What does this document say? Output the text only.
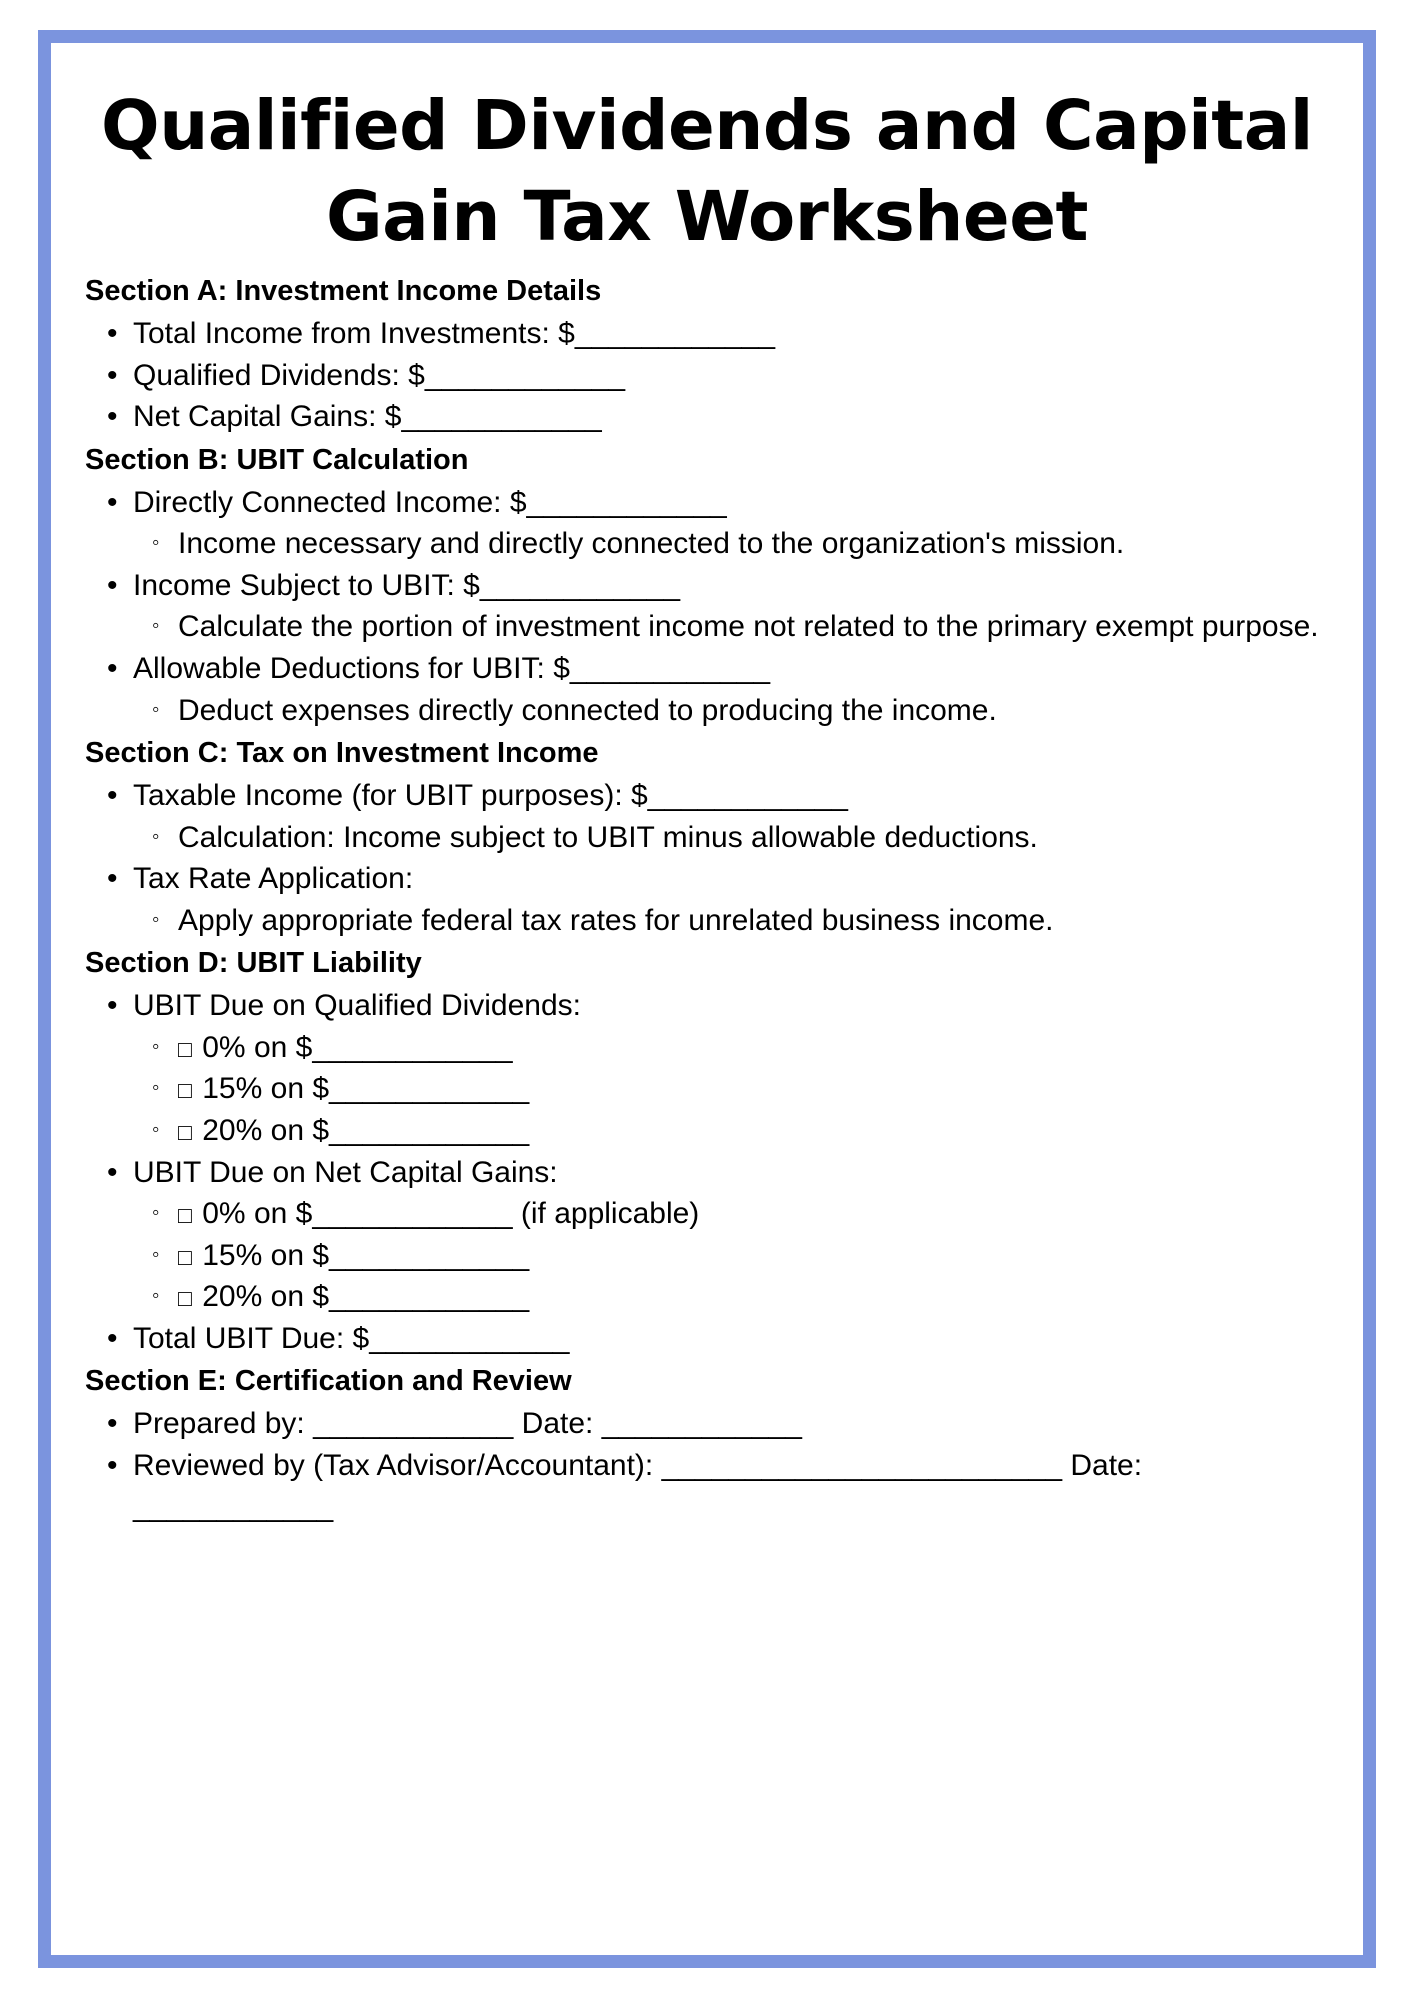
Qualified Dividends and Capital Gain Tax Worksheet
Section A: Investment Income Details
• Total Income from Investments: $____________
• Qualified Dividends: $____________
• Net Capital Gains: $____________
Section B: UBIT Calculation
• Directly Connected Income: $____________
◦ Income necessary and directly connected to the organization's mission.
• Income Subject to UBIT: $____________
◦ Calculate the portion of investment income not related to the primary exempt purpose.
• Allowable Deductions for UBIT: $____________
◦ Deduct expenses directly connected to producing the income.
Section C: Tax on Investment Income
• Taxable Income (for UBIT purposes): $____________
◦ Calculation: Income subject to UBIT minus allowable deductions.
• Tax Rate Application:
◦ Apply appropriate federal tax rates for unrelated business income.
Section D: UBIT Liability
• UBIT Due on Qualified Dividends:
◦ □ 0% on $____________
◦ □ 15% on $____________
◦ □ 20% on $____________
• UBIT Due on Net Capital Gains:
◦ □ 0% on $____________ (if applicable)
◦ □ 15% on $____________
◦ □ 20% on $____________
• Total UBIT Due: $____________
Section E: Certification and Review
• Prepared by: ____________ Date: ____________
• Reviewed by (Tax Advisor/Accountant): ________________________ Date: ____________
